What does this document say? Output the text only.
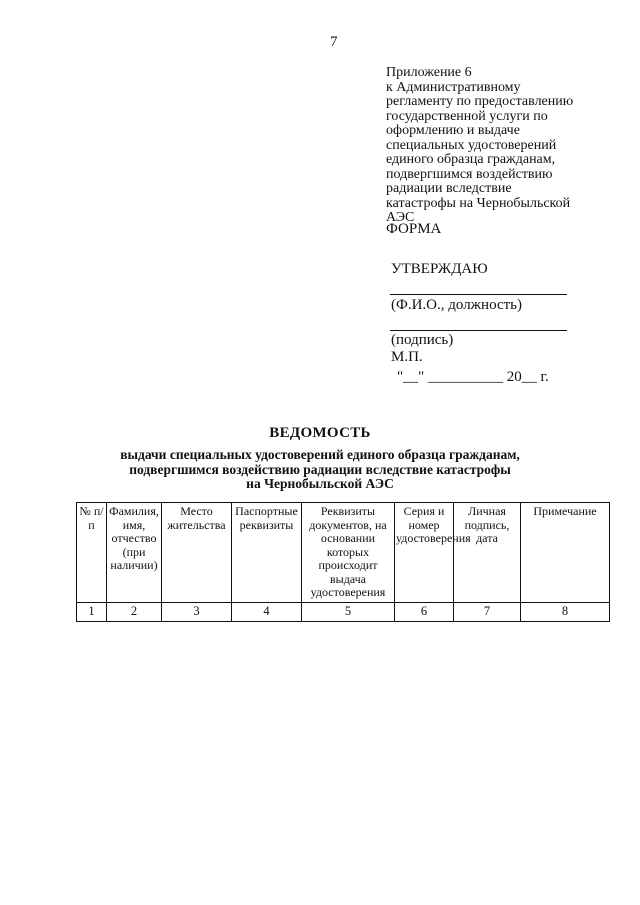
7
Приложение 6
к Административному
регламенту по предоставлению
государственной услуги по
оформлению и выдаче
специальных удостоверений
единого образца гражданам,
подвергшимся воздействию
радиации вследствие
катастрофы на Чернобыльской
АЭС
ФОРМА
УТВЕРЖДАЮ
(Ф.И.О., должность)
(подпись)
М.П.
"__" __________ 20__ г.
ВЕДОМОСТЬ
выдачи специальных удостоверений единого образца гражданам,
подвергшимся воздействию радиации вследствие катастрофы
на Чернобыльской АЭС
№ п/п	Фамилия, имя, отчество (при наличии)	Место жительства	Паспортные реквизиты	Реквизиты документов, на основании которых происходит выдача удостоверения	Серия и номер удостоверения	Личная подпись, дата	Примечание
1	2	3	4	5	6	7	8
